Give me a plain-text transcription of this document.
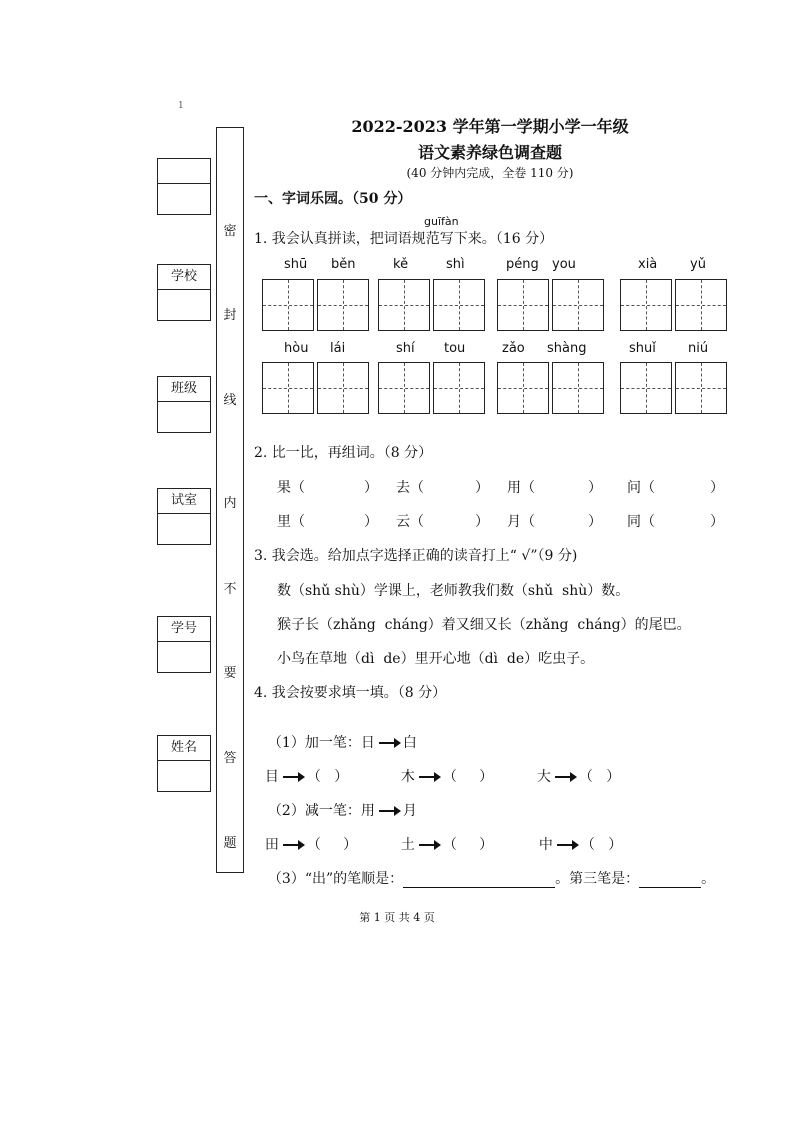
1
学校
班级
试室
学号
姓名
密
封
线
内
不
要
答
题
2022-2023 学年第一学期小学一年级
语文素养绿色调查题
(40 分钟内完成，全卷 110 分)
一、字词乐园。（50 分）
guīfàn
1. 我会认真拼读，把词语规范写下来。（16 分）
shū běn	kě	shì	péng you	xià	yǔ
hòu lái	shí tou	zǎo shàng	shuǐ niú
2. 比一比，再组词。（8 分）
果（	） 去（	） 用（	） 问（	）
里（	） 云（	） 月（	） 同（	）
3. 我会选。给加点字选择正确的读音打上“ √”（9 分)
数（shǔ shù）学课上，老师教我们数（shǔ  shù）数。
猴子长（zhǎng  cháng）着又细又长（zhǎng  cháng）的尾巴。
小鸟在草地（dì  de）里开心地（dì  de）吃虫子。
4. 我会按要求填一填。（8 分）

（1）加一笔：日 白

目 （   ）	木 （     ）	大 （   ）

（2）减一笔：用 月

田 （     ）	土 （     ）	中 （   ）

（3）“出”的笔顺是：	。第三笔是：	。

第 1 页 共 4 页
